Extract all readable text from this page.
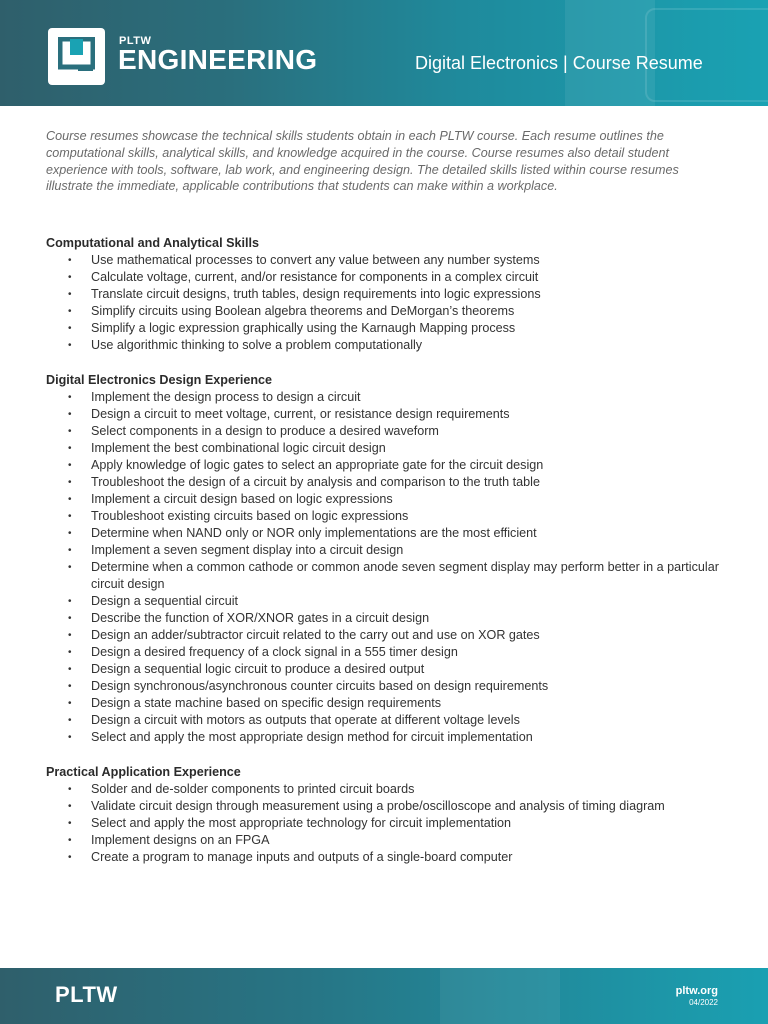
PLTW
ENGINEERING	Digital Electronics | Course Resume

Course resumes showcase the technical skills students obtain in each PLTW course. Each resume outlines the computational skills, analytical skills, and knowledge acquired in the course. Course resumes also detail student experience with tools, software, lab work, and engineering design. The detailed skills listed within course resumes illustrate the immediate, applicable contributions that students can make within a workplace.

Computational and Analytical Skills
• Use mathematical processes to convert any value between any number systems
• Calculate voltage, current, and/or resistance for components in a complex circuit
• Translate circuit designs, truth tables, design requirements into logic expressions
• Simplify circuits using Boolean algebra theorems and DeMorgan’s theorems
• Simplify a logic expression graphically using the Karnaugh Mapping process
• Use algorithmic thinking to solve a problem computationally
Digital Electronics Design Experience
• Implement the design process to design a circuit
• Design a circuit to meet voltage, current, or resistance design requirements
• Select components in a design to produce a desired waveform
• Implement the best combinational logic circuit design
• Apply knowledge of logic gates to select an appropriate gate for the circuit design
• Troubleshoot the design of a circuit by analysis and comparison to the truth table
• Implement a circuit design based on logic expressions
• Troubleshoot existing circuits based on logic expressions
• Determine when NAND only or NOR only implementations are the most efficient
• Implement a seven segment display into a circuit design
• Determine when a common cathode or common anode seven segment display may perform better in a particular circuit design
• Design a sequential circuit
• Describe the function of XOR/XNOR gates in a circuit design
• Design an adder/subtractor circuit related to the carry out and use on XOR gates
• Design a desired frequency of a clock signal in a 555 timer design
• Design a sequential logic circuit to produce a desired output
• Design synchronous/asynchronous counter circuits based on design requirements
• Design a state machine based on specific design requirements
• Design a circuit with motors as outputs that operate at different voltage levels
• Select and apply the most appropriate design method for circuit implementation
Practical Application Experience
• Solder and de-solder components to printed circuit boards
• Validate circuit design through measurement using a probe/oscilloscope and analysis of timing diagram
• Select and apply the most appropriate technology for circuit implementation
• Implement designs on an FPGA
• Create a program to manage inputs and outputs of a single-board computer
PLTW	pltw.org
04/2022
